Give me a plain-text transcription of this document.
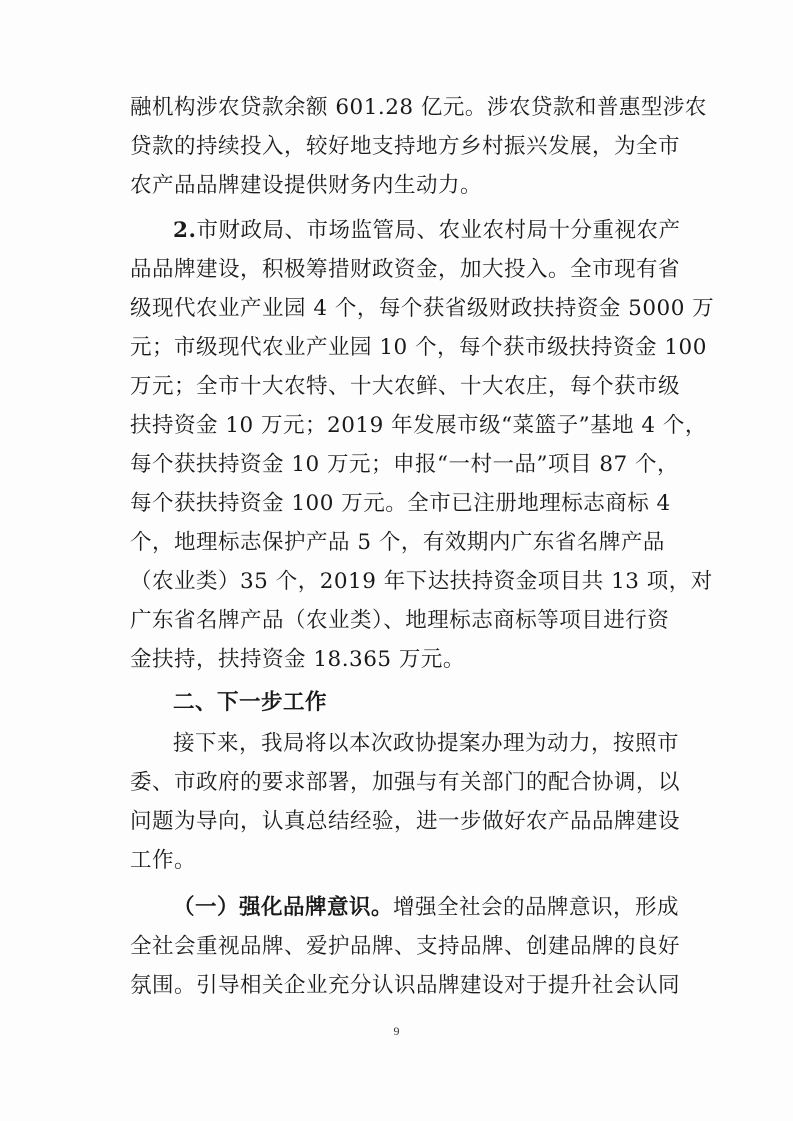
融机构涉农贷款余额 601.28 亿元。涉农贷款和普惠型涉农
贷款的持续投入，较好地支持地方乡村振兴发展，为全市
农产品品牌建设提供财务内生动力。
2.市财政局、市场监管局、农业农村局十分重视农产
品品牌建设，积极筹措财政资金，加大投入。全市现有省
级现代农业产业园 4 个，每个获省级财政扶持资金 5000 万
元；市级现代农业产业园 10 个，每个获市级扶持资金 100
万元；全市十大农特、十大农鲜、十大农庄，每个获市级
扶持资金 10 万元；2019 年发展市级“菜篮子”基地 4 个，
每个获扶持资金 10 万元；申报“一村一品”项目 87 个，
每个获扶持资金 100 万元。全市已注册地理标志商标 4
个，地理标志保护产品 5 个，有效期内广东省名牌产品
（农业类）35 个，2019 年下达扶持资金项目共 13 项，对
广东省名牌产品（农业类）、地理标志商标等项目进行资
金扶持，扶持资金 18.365 万元。
二、下一步工作
接下来，我局将以本次政协提案办理为动力，按照市
委、市政府的要求部署，加强与有关部门的配合协调，以
问题为导向，认真总结经验，进一步做好农产品品牌建设
工作。
（一）强化品牌意识。增强全社会的品牌意识，形成
全社会重视品牌、爱护品牌、支持品牌、创建品牌的良好
氛围。引导相关企业充分认识品牌建设对于提升社会认同
9
